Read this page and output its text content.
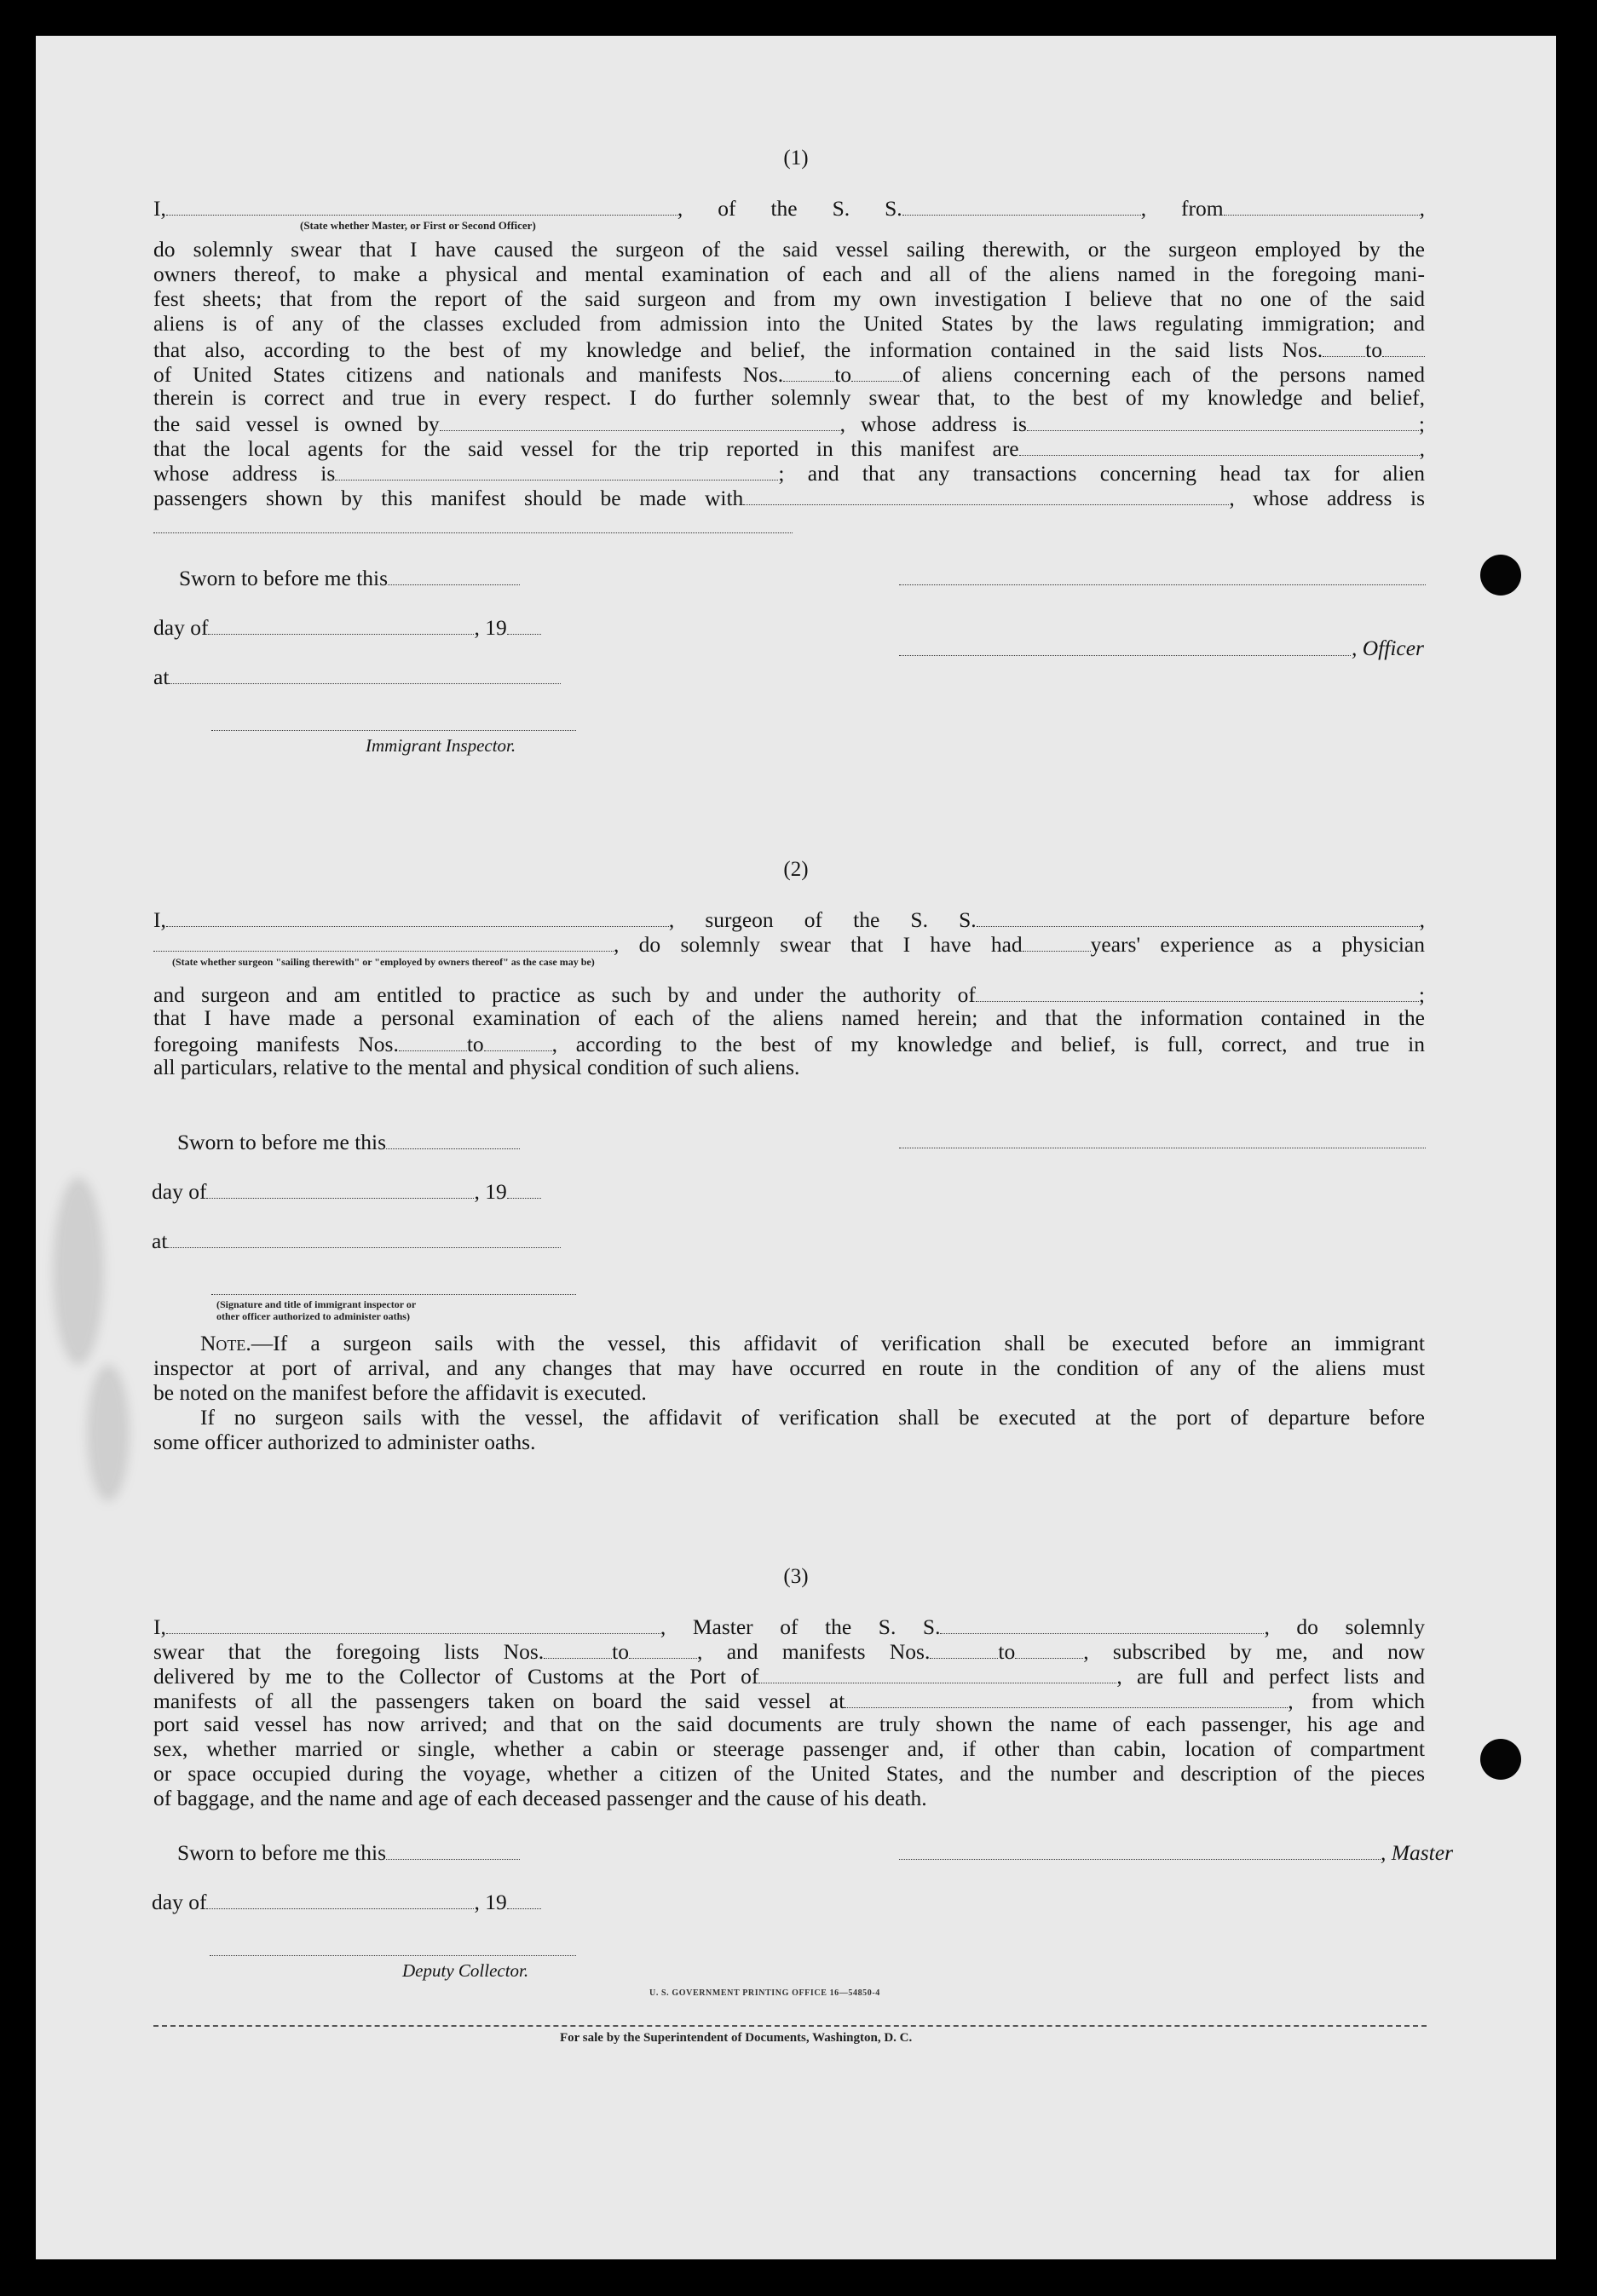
(1)
I,	, of the S. S.	, from	,
(State whether Master, or First or Second Officer)
do solemnly swear that I have caused the surgeon of the said vessel sailing therewith, or the surgeon employed by the
owners thereof, to make a physical and mental examination of each and all of the aliens named in the foregoing mani-
fest sheets; that from the report of the said surgeon and from my own investigation I believe that no one of the said
aliens is of any of the classes excluded from admission into the United States by the laws regulating immigration; and
that also, according to the best of my knowledge and belief, the information contained in the said lists Nos. to
of United States citizens and nationals and manifests Nos. to of aliens concerning each of the persons named
therein is correct and true in every respect. I do further solemnly swear that, to the best of my knowledge and belief,
the said vessel is owned by	, whose address is	;
that the local agents for the said vessel for the trip reported in this manifest are	,
whose address is	; and that any transactions concerning head tax for alien
passengers shown by this manifest should be made with	, whose address is
Sworn to before me this
day of	, 19
at
Immigrant Inspector.
, Officer
(2)
I,	, surgeon of the S. S.	,
, do solemnly swear that I have had	years' experience as a physician
(State whether surgeon "sailing therewith" or "employed by owners thereof" as the case may be)
and surgeon and am entitled to practice as such by and under the authority of	;
that I have made a personal examination of each of the aliens named herein; and that the information contained in the
foregoing manifests Nos.	to	, according to the best of my knowledge and belief, is full, correct, and true in
all particulars, relative to the mental and physical condition of such aliens.
Sworn to before me this
day of	, 19
at
(Signature and title of immigrant inspector or
other officer authorized to administer oaths)
Note.—If a surgeon sails with the vessel, this affidavit of verification shall be executed before an immigrant
inspector at port of arrival, and any changes that may have occurred en route in the condition of any of the aliens must
be noted on the manifest before the affidavit is executed.
If no surgeon sails with the vessel, the affidavit of verification shall be executed at the port of departure before
some officer authorized to administer oaths.
(3)
I,	, Master of the S. S.	, do solemnly
swear that the foregoing lists Nos.	to	, and manifests Nos.	to	, subscribed by me, and now
delivered by me to the Collector of Customs at the Port of	, are full and perfect lists and
manifests of all the passengers taken on board the said vessel at	, from which
port said vessel has now arrived; and that on the said documents are truly shown the name of each passenger, his age and
sex, whether married or single, whether a cabin or steerage passenger and, if other than cabin, location of compartment
or space occupied during the voyage, whether a citizen of the United States, and the number and description of the pieces
of baggage, and the name and age of each deceased passenger and the cause of his death.
Sworn to before me this
day of	, 19
Deputy Collector.
, Master
U. S. GOVERNMENT PRINTING OFFICE 16—54850-4
For sale by the Superintendent of Documents, Washington, D. C.
